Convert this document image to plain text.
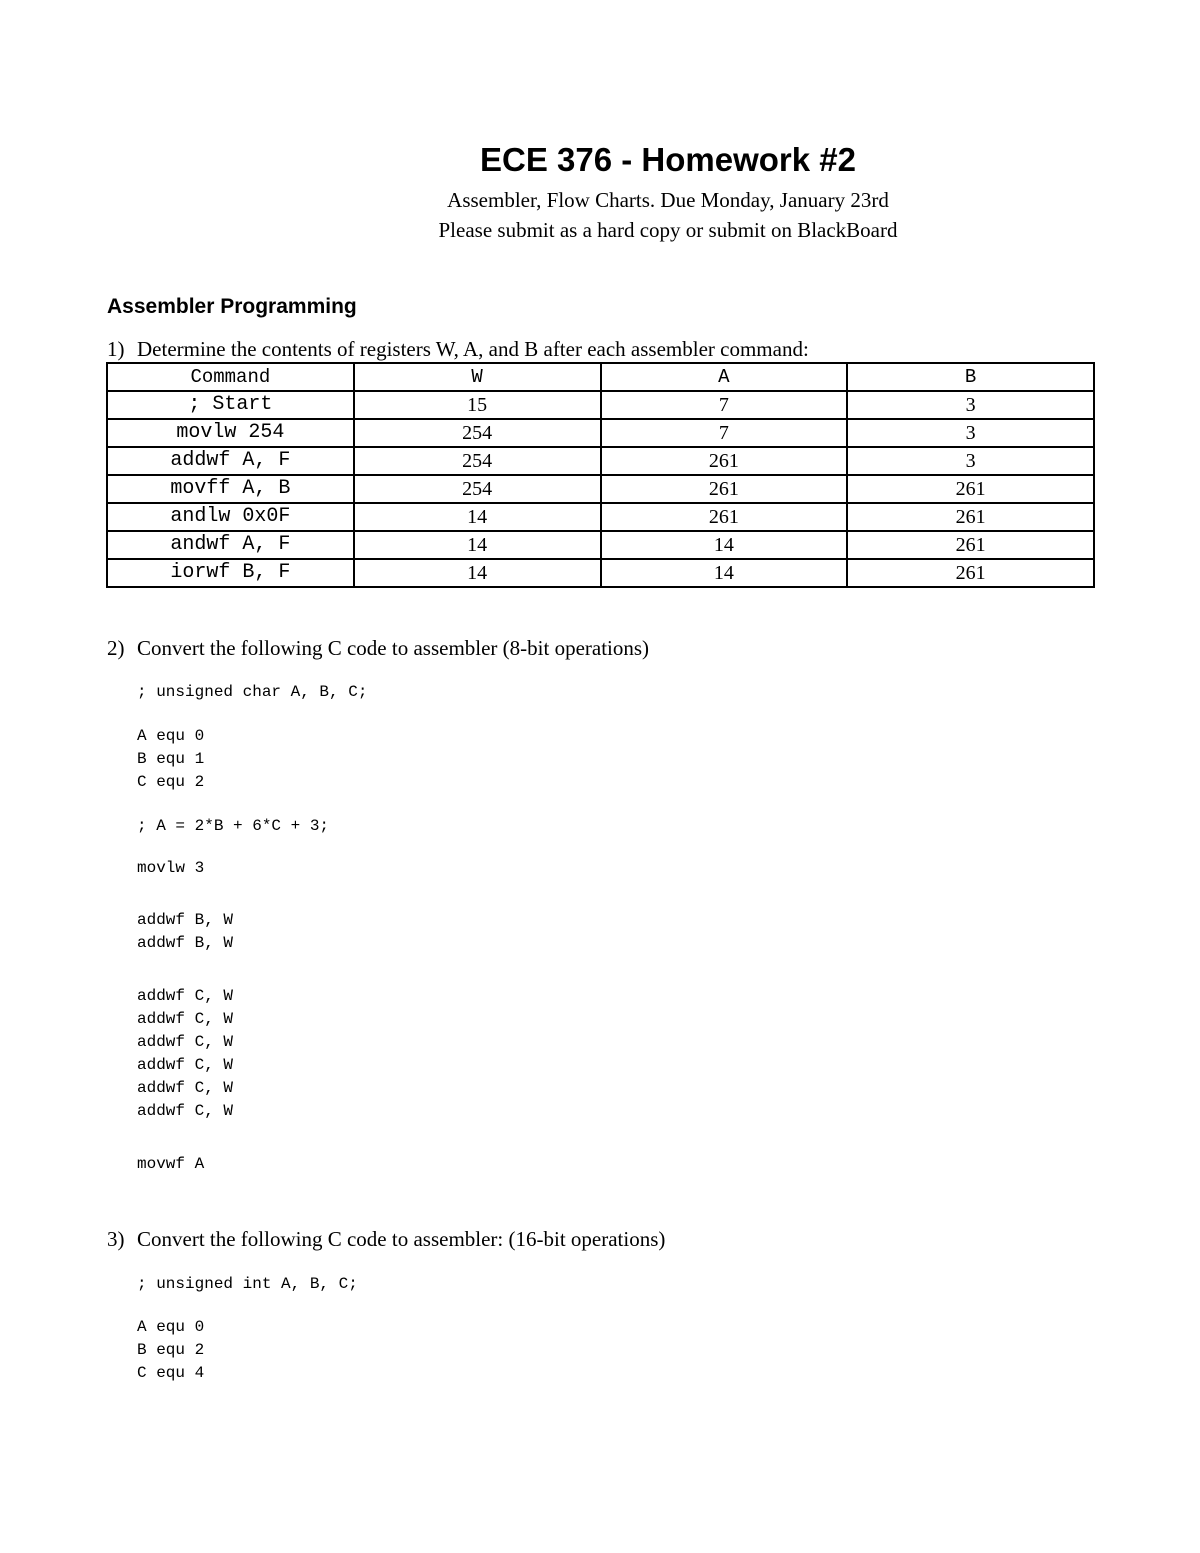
ECE 376 - Homework #2
Assembler, Flow Charts. Due Monday, January 23rd
Please submit as a hard copy or submit on BlackBoard
Assembler Programming
1) Determine the contents of registers W, A, and B after each assembler command:
Command	W	A	B
; Start	15	7	3
movlw 254	254	7	3
addwf A, F	254	261	3
movff A, B	254	261	261
andlw 0x0F	14	261	261
andwf A, F	14	14	261
iorwf B, F	14	14	261
2) Convert the following C code to assembler (8-bit operations)
; unsigned char A, B, C;
A equ 0
B equ 1
C equ 2
; A = 2*B + 6*C + 3;
movlw 3
addwf B, W
addwf B, W
addwf C, W
addwf C, W
addwf C, W
addwf C, W
addwf C, W
addwf C, W
movwf A
3) Convert the following C code to assembler: (16-bit operations)
; unsigned int A, B, C;
A equ 0
B equ 2
C equ 4
